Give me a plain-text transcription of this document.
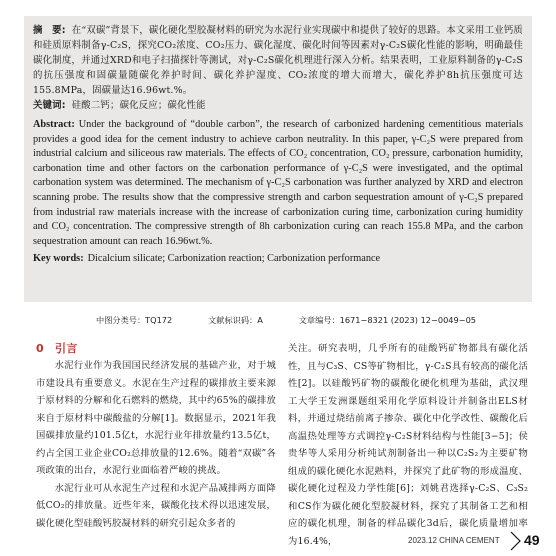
摘　要: 在“双碳”背景下，碳化硬化型胶凝材料的研究为水泥行业实现碳中和提供了较好的思路。本文采用工业钙质和硅质原料制备γ-C₂S，探究CO₂浓度、CO₂压力、碳化湿度、碳化时间等因素对γ-C₂S碳化性能的影响，明确最佳碳化制度，并通过XRD和电子扫描探针等测试，对γ-C₂S碳化机理进行深入分析。结果表明，工业原料制备的γ-C₂S的抗压强度和固碳量随碳化养护时间、碳化养护湿度、CO₂浓度的增大而增大，碳化养护8h抗压强度可达155.8MPa，固碳量达16.96wt.%。

关键词: 硅酸二钙；碳化反应；碳化性能

Abstract: Under the background of “double carbon”, the research of carbonized hardening cementitious materials provides a good idea for the cement industry to achieve carbon neutrality. In this paper, γ-C₂S were prepared from industrial calcium and siliceous raw materials. The effects of CO₂ concentration, CO₂ pressure, carbonation humidity, carbonation time and other factors on the carbonation performance of γ-C₂S were investigated, and the optimal carbonation system was determined. The mechanism of γ-C₂S carbonation was further analyzed by XRD and electron scanning probe. The results show that the compressive strength and carbon sequestration amount of γ-C₂S prepared from industrial raw materials increase with the increase of carbonization curing time, carbonization curing humidity and CO₂ concentration. The compressive strength of 8h carbonization curing can reach 155.8 MPa, and the carbon sequestration amount can reach 16.96wt.%.

Key words: Dicalcium silicate; Carbonization reaction; Carbonization performance

中图分类号：TQ172	文献标识码：A	文章编号：1671−8321 (2023) 12−0049−05

0　引言

水泥行业作为我国国民经济发展的基础产业，对于城市建设具有重要意义。水泥在生产过程的碳排放主要来源于原材料的分解和化石燃料的燃烧，其中约65%的碳排放来自于原材料中碳酸盐的分解[1]。数据显示，2021年我国碳排放量约101.5亿t，水泥行业年排放量约13.5亿t，约占全国工业企业CO₂总排放量的12.6%。随着“双碳”各项政策的出台，水泥行业面临着严峻的挑战。

水泥行业可从水泥生产过程和水泥产品减排两方面降低CO₂的排放量。近些年来，碳酸化技术得以迅速发展，碳化硬化型硅酸钙胶凝材料的研究引起众多者的

关注。研究表明，几乎所有的硅酸钙矿物都具有碳化活性，且与C₃S、CS等矿物相比，γ-C₂S具有较高的碳化活性[2]。以硅酸钙矿物的碳酸化硬化机理为基础，武汉理工大学王发洲课题组采用化学原料设计并制备出ELS材料，并通过烧结前离子掺杂、碳化中化学改性、碳酸化后高温热处理等方式调控γ-C₂S材料结构与性能[3−5]；侯贵华等人采用分析纯试剂制备出一种以C₂S₂为主要矿物组成的碳化硬化水泥熟料，并探究了此矿物的形成温度、碳化硬化过程及力学性能[6]；刘姚君选择γ-C₂S、C₃S₂和CS作为碳化硬化型胶凝材料，探究了其制备工艺和相应的碳化机理，制备的样品碳化3d后，碳化质量增加率为16.4%，	2023.12 CHINA CEMENT 49
